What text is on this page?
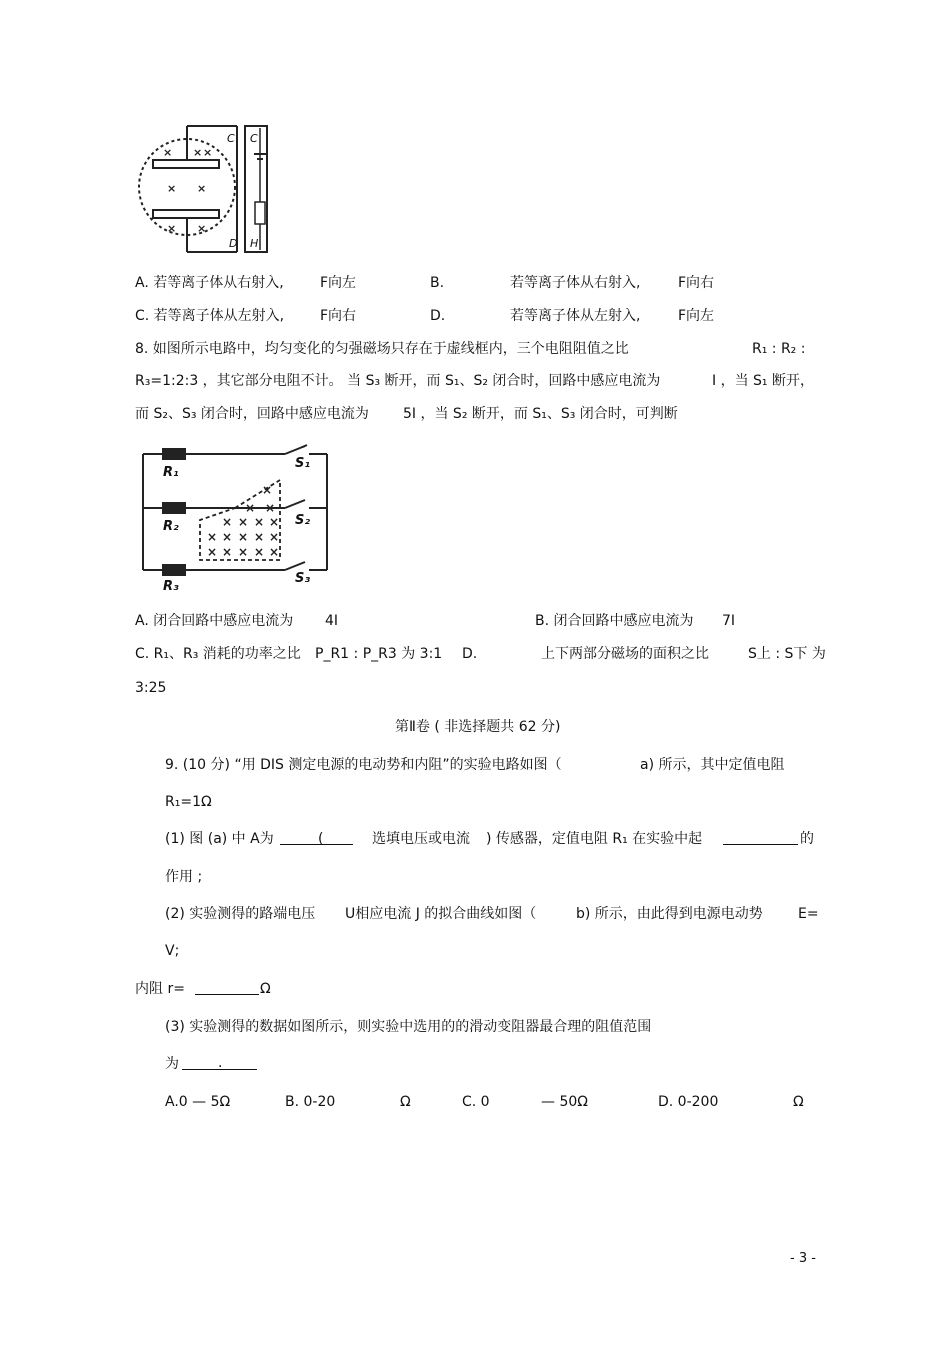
× × ×
× ×
× ×
C C
D H
A. 若等离子体从右射入,	F向左	B.	若等离子体从右射入,	F向右
C. 若等离子体从左射入,	F向右	D.	若等离子体从左射入,	F向左
8. 如图所示电路中，均匀变化的匀强磁场只存在于虚线框内，三个电阻阻值之比	R₁ : R₂ :
R₃=1:2:3 ，其它部分电阻不计。 当 S₃ 断开，而 S₁、S₂ 闭合时，回路中感应电流为	I ，当 S₁ 断开，
而 S₂、S₃ 闭合时，回路中感应电流为 5I ，当 S₂ 断开，而 S₁、S₃ 闭合时，可判断
×
× ×
× × × ×
× × × × ×
× × × × ×
R₁
R₂
R₃
S₁
S₂
S₃
A. 闭合回路中感应电流为 4I	B. 闭合回路中感应电流为 7I
C. R₁、R₃ 消耗的功率之比 P_R1 : P_R3 为 3:1 D.	上下两部分磁场的面积之比	S上 : S下 为
3:25
第Ⅱ卷 ( 非选择题共 62 分)
9. (10 分) “用 DIS 测定电源的电动势和内阻”的实验电路如图（	a) 所示，其中定值电阻
R₁=1Ω
(1) 图 (a) 中 A为	(	选填电压或电流 ) 传感器，定值电阻 R₁ 在实验中起	的
作用 ;
(2) 实验测得的路端电压 U相应电流 J 的拟合曲线如图（	b) 所示，由此得到电源电动势	E=
V;
内阻 r=	Ω
(3) 实验测得的数据如图所示，则实验中选用的的滑动变阻器最合理的阻值范围
为	.
A.0 — 5Ω	B. 0-20	Ω	C. 0	— 50Ω	D. 0-200	Ω
- 3 -
